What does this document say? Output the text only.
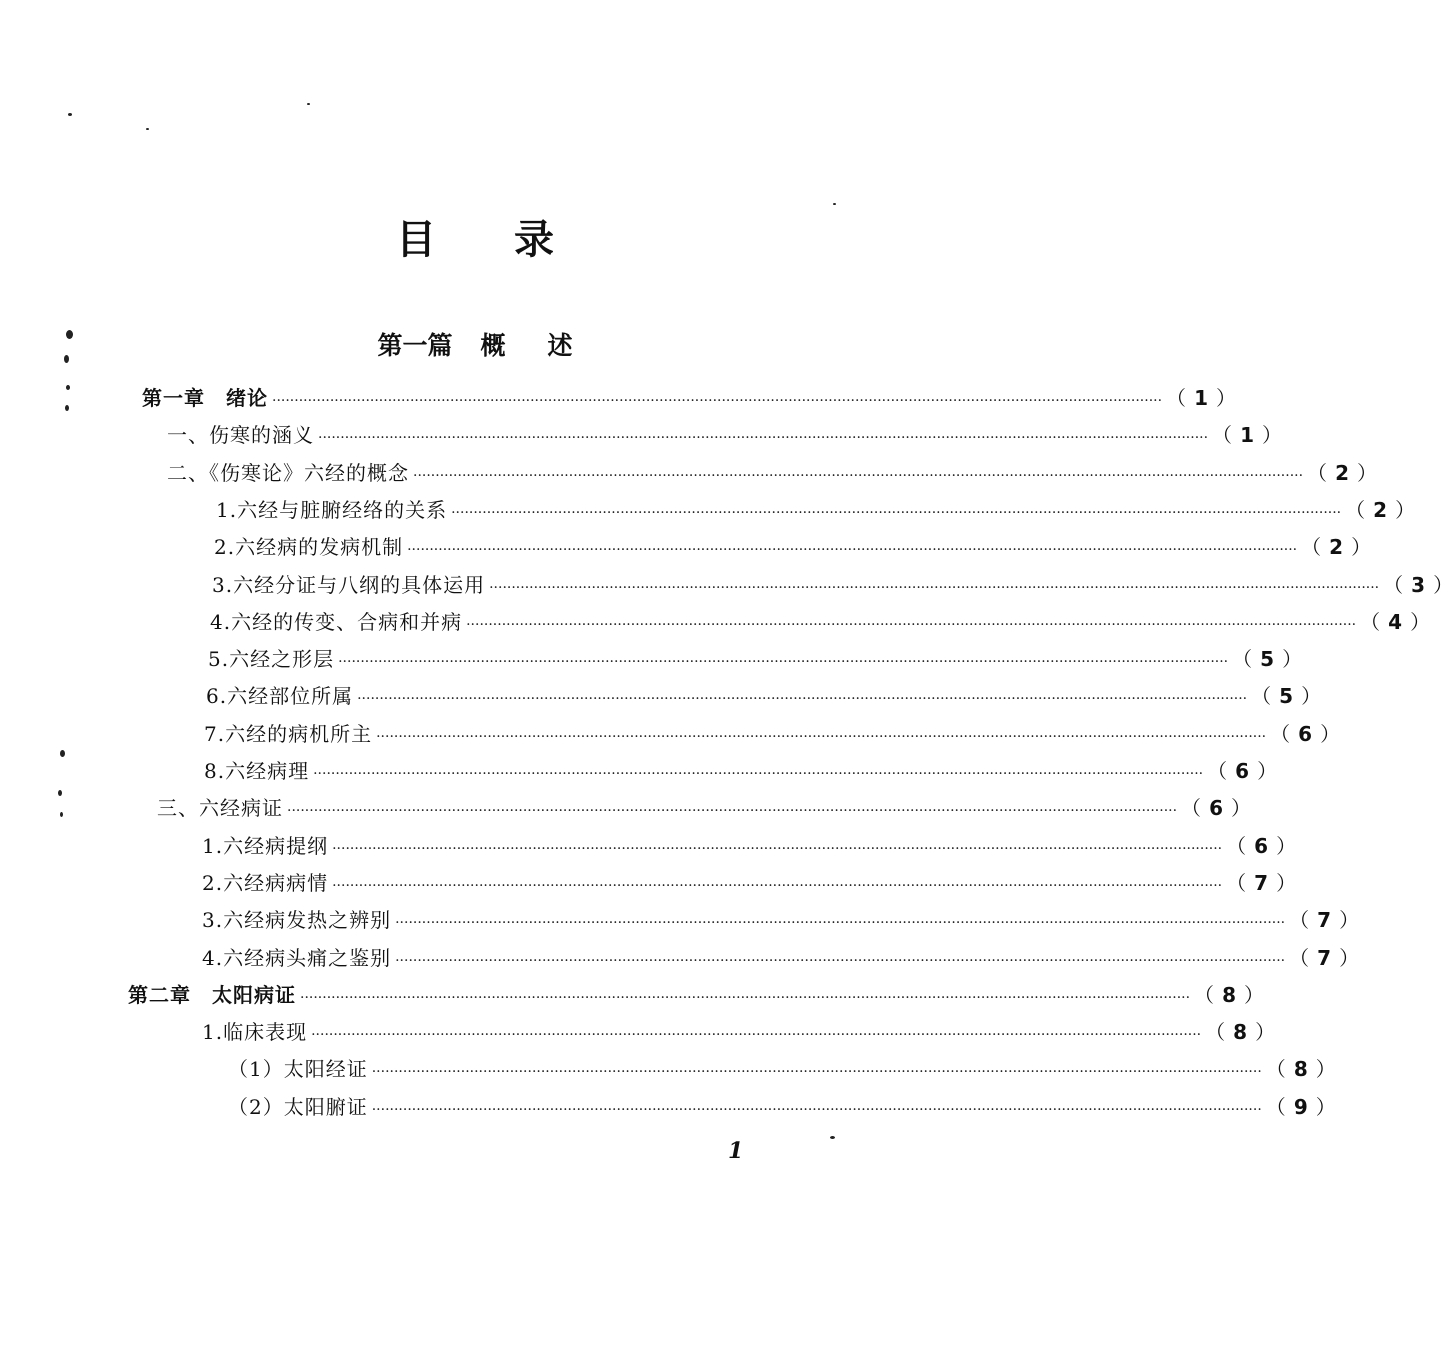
目录
第一篇 概 述
第一章　绪论 ········································································································································································································ （ 1 ）
一、伤寒的涵义 ········································································································································································································ （ 1 ）
二、《伤寒论》六经的概念 ········································································································································································································ （ 2 ）
1.六经与脏腑经络的关系 ········································································································································································································ （ 2 ）
2.六经病的发病机制 ········································································································································································································ （ 2 ）
3.六经分证与八纲的具体运用 ········································································································································································································ （ 3 ）
4.六经的传变、合病和并病 ········································································································································································································ （ 4 ）
5.六经之形层 ········································································································································································································ （ 5 ）
6.六经部位所属 ········································································································································································································ （ 5 ）
7.六经的病机所主 ········································································································································································································ （ 6 ）
8.六经病理 ········································································································································································································ （ 6 ）
三、六经病证 ········································································································································································································ （ 6 ）
1.六经病提纲 ········································································································································································································ （ 6 ）
2.六经病病情 ········································································································································································································ （ 7 ）
3.六经病发热之辨别 ········································································································································································································ （ 7 ）
4.六经病头痛之鉴别 ········································································································································································································ （ 7 ）
第二章　太阳病证 ········································································································································································································ （ 8 ）
1.临床表现 ········································································································································································································ （ 8 ）
（1）太阳经证 ········································································································································································································ （ 8 ）
（2）太阳腑证 ········································································································································································································ （ 9 ）
1
